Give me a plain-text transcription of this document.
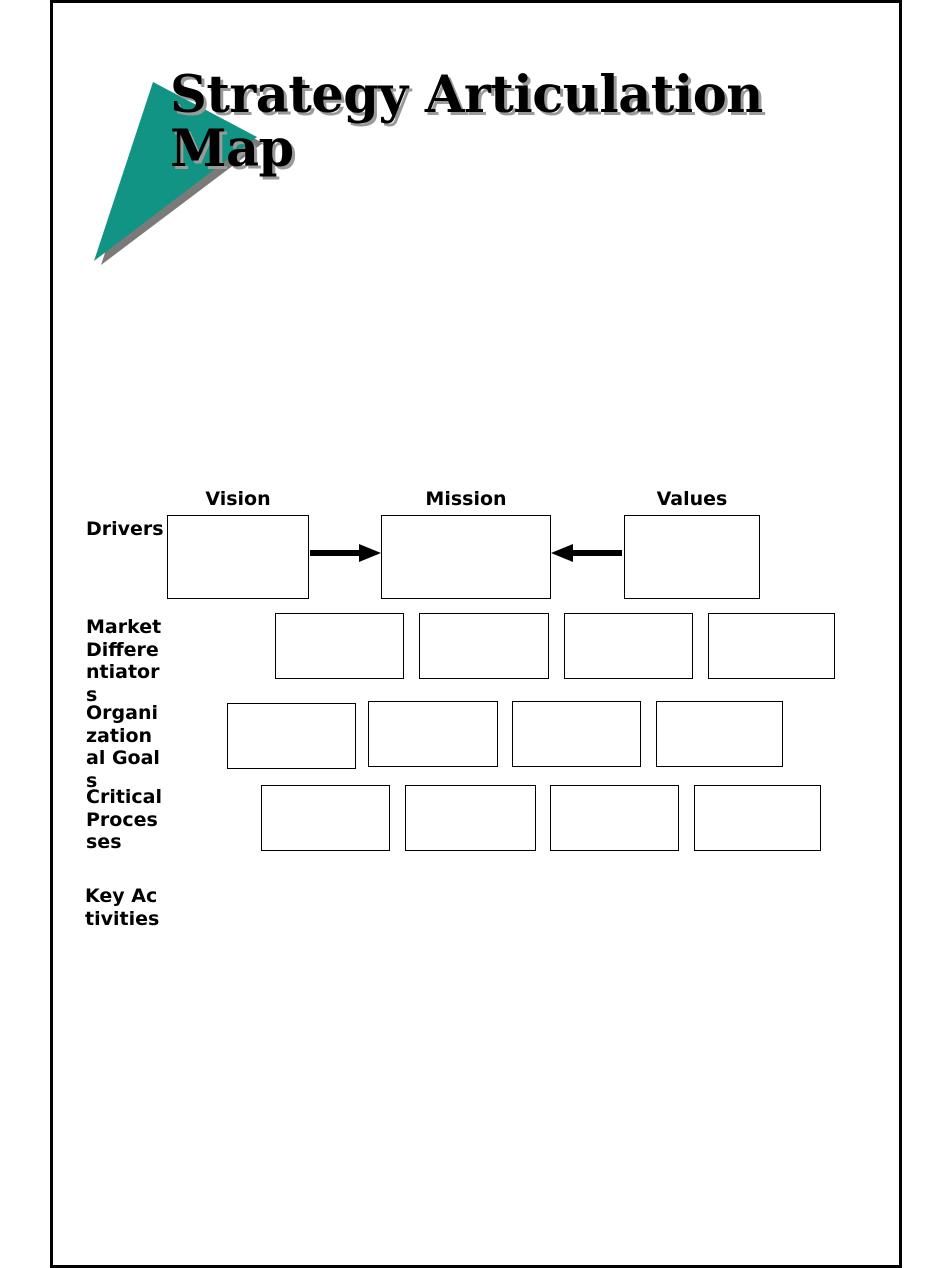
Strategy Articulation Map
Vision	Mission	Values
Drivers
Market Differentiators
Organizational Goals
Critical Processes
Key Activities
